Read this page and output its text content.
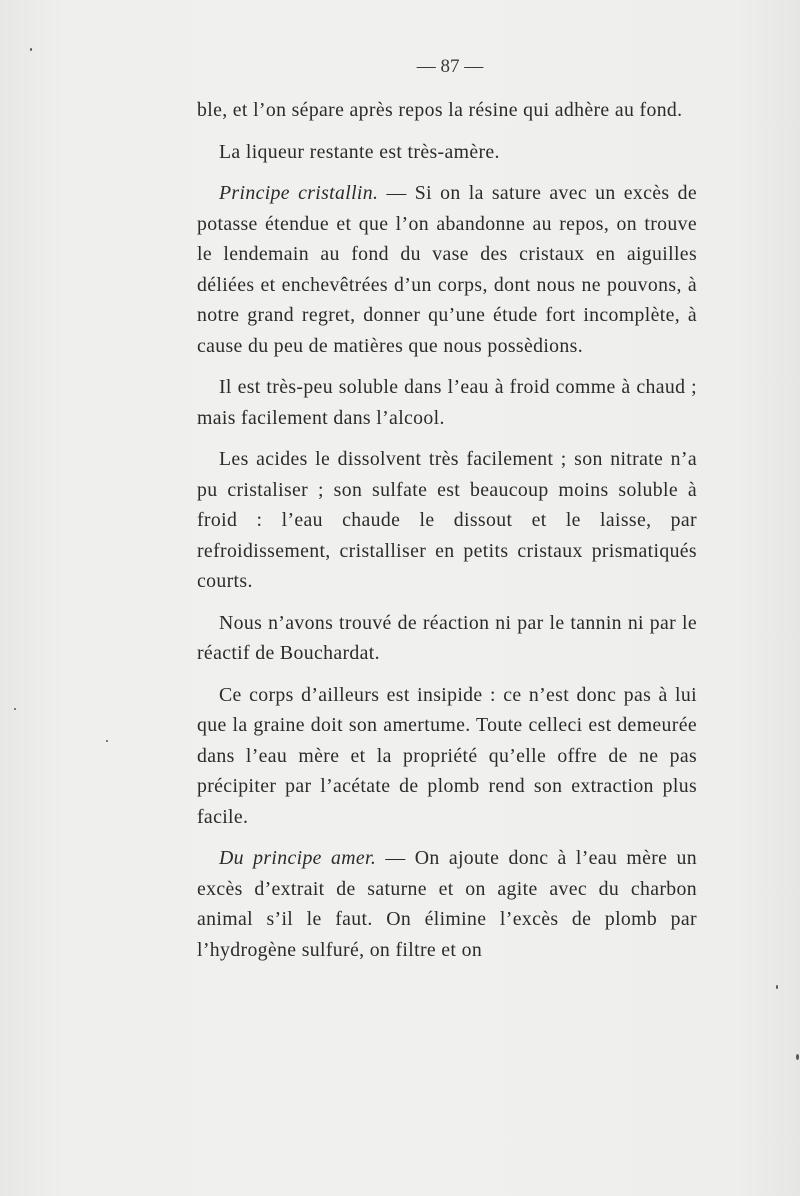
— 87 —

ble, et l’on sépare après repos la résine qui adhère au fond.

La liqueur restante est très-amère.

Principe cristallin. — Si on la sature avec un excès de potasse étendue et que l’on abandonne au repos, on trouve le lendemain au fond du vase des cristaux en aiguilles déliées et enchevêtrées d’un corps, dont nous ne pouvons, à notre grand regret, donner qu’une étude fort incomplète, à cause du peu de matières que nous possèdions.

Il est très-peu soluble dans l’eau à froid comme à chaud ; mais facilement dans l’alcool.

Les acides le dissolvent très facilement ; son nitrate n’a pu cristaliser ; son sulfate est beaucoup moins soluble à froid : l’eau chaude le dissout et le laisse, par refroidissement, cristalliser en petits cristaux prismatiqués courts.

Nous n’avons trouvé de réaction ni par le tannin ni par le réactif de Bouchardat.

Ce corps d’ailleurs est insipide : ce n’est donc pas à lui que la graine doit son amertume. Toute celleci est demeurée dans l’eau mère et la propriété qu’elle offre de ne pas précipiter par l’acétate de plomb rend son extraction plus facile.

Du principe amer. — On ajoute donc à l’eau mère un excès d’extrait de saturne et on agite avec du charbon animal s’il le faut. On élimine l’excès de plomb par l’hydrogène sulfuré, on filtre et on
